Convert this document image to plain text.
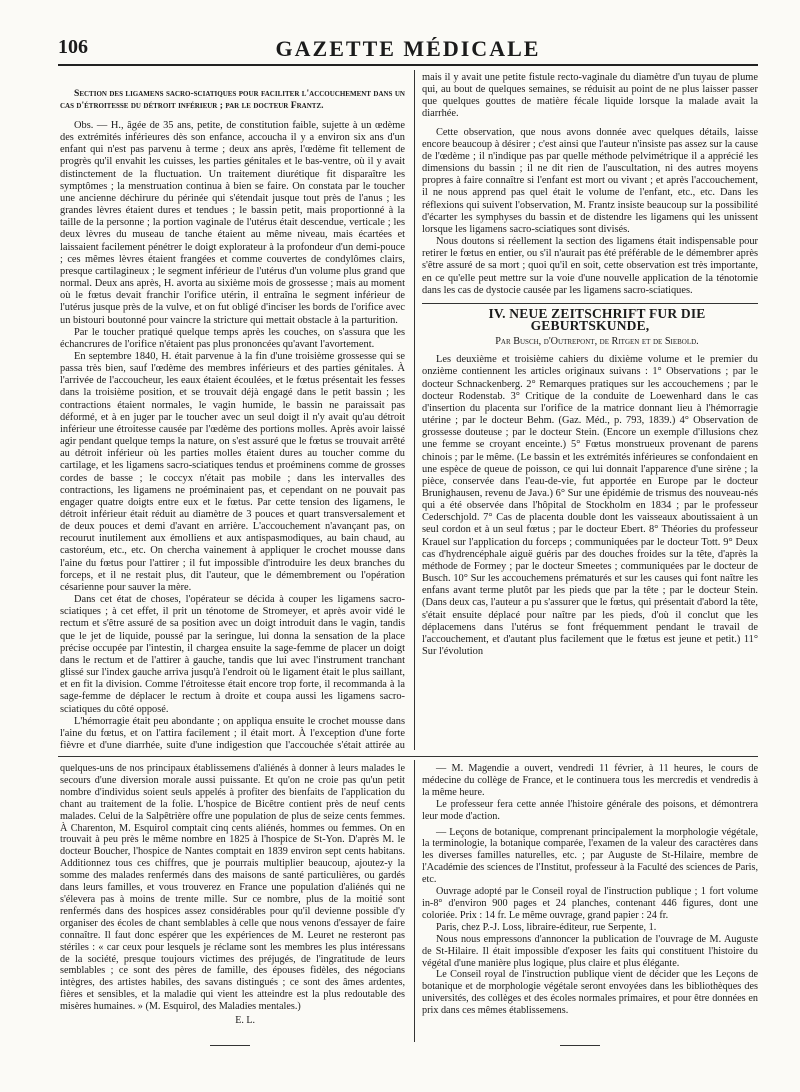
106	GAZETTE MÉDICALE

Section des ligamens sacro-sciatiques pour faciliter l'accouchement dans un cas d'étroitesse du détroit inférieur ; par le docteur Frantz.

Obs. — H., âgée de 35 ans, petite, de constitution faible, sujette à un œdème des extrémités inférieures dès son enfance, accoucha il y a environ six ans d'un enfant qui n'est pas parvenu à terme ; deux ans après, l'œdème fit tellement de progrès qu'il envahit les cuisses, les parties génitales et le bas-ventre, où il y avait distinctement de la fluctuation. Un traitement diurétique fit disparaître les symptômes ; la menstruation continua à bien se faire. On constata par le toucher une ancienne déchirure du périnée qui s'étendait jusque tout près de l'anus ; les grandes lèvres étaient dures et tendues ; le bassin petit, mais proportionné à la taille de la personne ; la portion vaginale de l'utérus était descendue, verticale ; les deux lèvres du museau de tanche étaient au même niveau, mais écartées et laissaient facilement pénétrer le doigt explorateur à la profondeur d'un demi-pouce ; ces mêmes lèvres étaient frangées et comme couvertes de condylômes clairs, presque cartilagineux ; le segment inférieur de l'utérus d'un volume plus grand que normal. Deux ans après, H. avorta au sixième mois de grossesse ; mais au moment où le fœtus devait franchir l'orifice utérin, il entraîna le segment inférieur de l'utérus jusque près de la vulve, et on fut obligé d'inciser les bords de l'orifice avec un bistouri boutonné pour vaincre la stricture qui mettait obstacle à la parturition.

Par le toucher pratiqué quelque temps après les couches, on s'assura que les échancrures de l'orifice n'étaient pas plus prononcées qu'avant l'avortement.

En septembre 1840, H. était parvenue à la fin d'une troisième grossesse qui se passa très bien, sauf l'œdème des membres inférieurs et des parties génitales. À l'arrivée de l'accoucheur, les eaux étaient écoulées, et le fœtus présentait les fesses dans la troisième position, et se trouvait déjà engagé dans le petit bassin ; les contractions étaient normales, le vagin humide, le bassin ne paraissait pas déformé, et à en juger par le toucher avec un seul doigt il n'y avait qu'au détroit inférieur une étroitesse causée par l'œdème des portions molles. Après avoir laissé agir pendant quelque temps la nature, on s'est assuré que le fœtus se trouvait arrêté au détroit inférieur où les parties molles étaient dures au toucher comme du cartilage, et les ligamens sacro-sciatiques tendus et proéminens comme de grosses cordes de basse ; le coccyx n'était pas mobile ; dans les intervalles des contractions, les ligamens ne proéminaient pas, et cependant on ne pouvait pas engager quatre doigts entre eux et le fœtus. Par cette tension des ligamens, le détroit inférieur était réduit au diamètre de 3 pouces et quart transversalement et de deux pouces et demi d'avant en arrière. L'accouchement n'avançant pas, on recourut inutilement aux émolliens et aux antispasmodiques, au bain chaud, au castoréum, etc., etc. On chercha vainement à appliquer le crochet mousse dans l'aine du fœtus pour l'attirer ; il fut impossible d'introduire les deux branches du forceps, et il ne restait plus, dit l'auteur, que le démembrement ou l'opération césarienne pour sauver la mère.

Dans cet état de choses, l'opérateur se décida à couper les ligamens sacro-sciatiques ; à cet effet, il prit un ténotome de Stromeyer, et après avoir vidé le rectum et s'être assuré de sa position avec un doigt introduit dans le vagin, tandis que le jet de liquide, poussé par la seringue, lui donna la sensation de la place précise occupée par l'intestin, il chargea ensuite la sage-femme de placer un doigt dans le rectum et de l'attirer à gauche, tandis que lui avec l'instrument tranchant glissé sur l'index gauche arriva jusqu'à l'endroit où le ligament était le plus saillant, et en fit la division. Comme l'étroitesse était encore trop forte, il recommanda à la sage-femme de déplacer le rectum à droite et coupa aussi les ligamens sacro-sciatiques du côté opposé.

L'hémorragie était peu abondante ; on appliqua ensuite le crochet mousse dans l'aine du fœtus, et on l'attira facilement ; il était mort. À l'exception d'une forte fièvre et d'une diarrhée, suite d'une indigestion que l'accouchée s'était attirée au

mais il y avait une petite fistule recto-vaginale du diamètre d'un tuyau de plume qui, au bout de quelques semaines, se réduisit au point de ne plus laisser passer que quelques gouttes de matière fécale liquide lorsque la malade avait la diarrhée.

Cette observation, que nous avons donnée avec quelques détails, laisse encore beaucoup à désirer ; c'est ainsi que l'auteur n'insiste pas assez sur la cause de l'œdème ; il n'indique pas par quelle méthode pelvimétrique il a apprécié les dimensions du bassin ; il ne dit rien de l'auscultation, ni des autres moyens propres à faire connaître si l'enfant est mort ou vivant ; et après l'accouchement, il ne nous apprend pas quel était le volume de l'enfant, etc., etc. Dans les réflexions qui suivent l'observation, M. Frantz insiste beaucoup sur la possibilité d'écarter les symphyses du bassin et de distendre les ligamens qui les unissent lorsque les ligamens sacro-sciatiques sont divisés.

Nous doutons si réellement la section des ligamens était indispensable pour retirer le fœtus en entier, ou s'il n'aurait pas été préférable de le démembrer après s'être assuré de sa mort ; quoi qu'il en soit, cette observation est très importante, en ce qu'elle peut mettre sur la voie d'une nouvelle application de la ténotomie dans les cas de dystocie causée par les ligamens sacro-sciatiques.

IV. NEUE ZEITSCHRIFT FUR DIE GEBURTSKUNDE,

Par Busch, d'Outrepont, de Ritgen et de Siebold.

Les deuxième et troisième cahiers du dixième volume et le premier du onzième contiennent les articles originaux suivans : 1° Observations ; par le docteur Schnackenberg. 2° Remarques pratiques sur les accouchemens ; par le docteur Rodenstab. 3° Critique de la conduite de Loewenhard dans le cas d'insertion du placenta sur l'orifice de la matrice donnant lieu à l'hémorragie utérine ; par le docteur Behm. (Gaz. Méd., p. 793, 1839.) 4° Observation de grossesse douteuse ; par le docteur Stein. (Encore un exemple d'illusions chez une femme se croyant enceinte.) 5° Fœtus monstrueux provenant de parens chinois ; par le même. (Le bassin et les extrémités inférieures se confondaient en une espèce de queue de poisson, ce qui lui donnait l'apparence d'une sirène ; la pièce, conservée dans l'eau-de-vie, fut apportée en Europe par le docteur Brunighausen, revenu de Java.) 6° Sur une épidémie de trismus des nouveau-nés qui a été observée dans l'hôpital de Stockholm en 1834 ; par le professeur Cederschjold. 7° Cas de placenta double dont les vaisseaux aboutissaient à un seul cordon et à un seul fœtus ; par le docteur Ebert. 8° Théories du professeur Krauel sur l'application du forceps ; communiquées par le docteur Tott. 9° Deux cas d'hydrencéphale aiguë guéris par des douches froides sur la tête, d'après la méthode de Formey ; par le docteur Smeetes ; communiquées par le docteur de Busch. 10° Sur les accouchemens prématurés et sur les causes qui font naître les enfans avant terme plutôt par les pieds que par la tête ; par le docteur Stein. (Dans deux cas, l'auteur a pu s'assurer que le fœtus, qui présentait d'abord la tête, s'était ensuite déplacé pour naître par les pieds, d'où il conclut que les déplacemens dans l'utérus se font fréquemment pendant le travail de l'accouchement, et d'autant plus facilement que le fœtus est jeune et petit.) 11° Sur l'évolution

quelques-uns de nos principaux établissemens d'aliénés à donner à leurs malades le secours d'une diversion morale aussi puissante. Et qu'on ne croie pas qu'un petit nombre d'individus soient seuls appelés à profiter des bienfaits de l'application du chant au traitement de la folie. L'hospice de Bicêtre contient près de neuf cents malades. Celui de la Salpêtrière offre une population de plus de seize cents femmes. À Charenton, M. Esquirol comptait cinq cents aliénés, hommes ou femmes. On en trouvait à peu près le même nombre en 1825 à l'hospice de St-Yon. D'après M. le docteur Boucher, l'hospice de Nantes comptait en 1839 environ sept cents habitans. Additionnez tous ces chiffres, que je pourrais multiplier beaucoup, ajoutez-y la somme des malades renfermés dans des maisons de santé particulières, ou gardés dans leurs familles, et vous trouverez en France une population d'aliénés qui ne s'élevera pas à moins de trente mille. Sur ce nombre, plus de la moitié sont renfermés dans des hospices assez considérables pour qu'il devienne possible d'y organiser des écoles de chant semblables à celle que nous venons d'essayer de faire connaître. Il faut donc espérer que les expériences de M. Leuret ne resteront pas stériles : « car ceux pour lesquels je réclame sont les membres les plus intéressans de la société, presque toujours victimes des préjugés, de l'ingratitude de leurs semblables ; ce sont des pères de famille, des épouses fidèles, des négocians intègres, des artistes habiles, des savans distingués ; ce sont des âmes ardentes, fières et sensibles, et la maladie qui vient les atteindre est la plus redoutable des misères humaines. » (M. Esquirol, des Maladies mentales.)

E. L.

— M. Magendie a ouvert, vendredi 11 février, à 11 heures, le cours de médecine du collège de France, et le continuera tous les mercredis et vendredis à la même heure.

Le professeur fera cette année l'histoire générale des poisons, et démontrera leur mode d'action.

— Leçons de botanique, comprenant principalement la morphologie végétale, la terminologie, la botanique comparée, l'examen de la valeur des caractères dans les diverses familles naturelles, etc. ; par Auguste de St-Hilaire, membre de l'Académie des sciences de l'Institut, professeur à la Faculté des sciences de Paris, etc.

Ouvrage adopté par le Conseil royal de l'instruction publique ; 1 fort volume in-8° d'environ 900 pages et 24 planches, contenant 446 figures, dont une coloriée. Prix : 14 fr. Le même ouvrage, grand papier : 24 fr.

Paris, chez P.-J. Loss, libraire-éditeur, rue Serpente, 1.

Nous nous empressons d'annoncer la publication de l'ouvrage de M. Auguste de St-Hilaire. Il était impossible d'exposer les faits qui constituent l'histoire du végétal d'une manière plus logique, plus claire et plus élégante.

Le Conseil royal de l'instruction publique vient de décider que les Leçons de botanique et de morphologie végétale seront envoyées dans les bibliothèques des universités, des collèges et des écoles normales primaires, et pour être données en prix dans ces mêmes établissemens.
